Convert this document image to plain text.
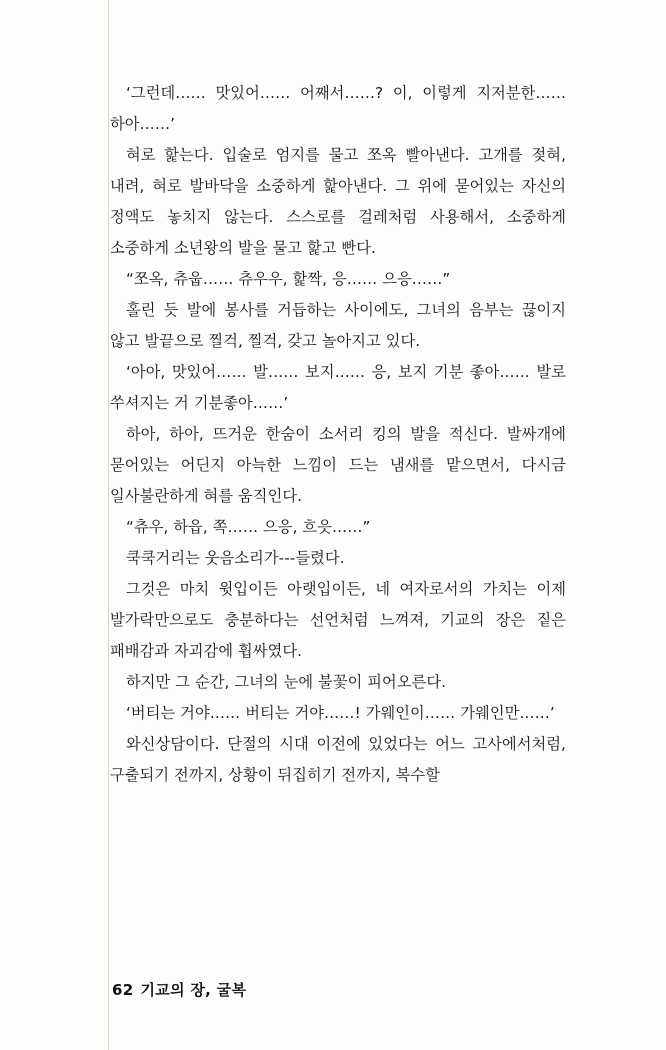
‘그런데…… 맛있어…… 어째서……? 이, 이렇게 지저분한…… 하아……’

혀로 핥는다. 입술로 엄지를 물고 쪼옥 빨아낸다. 고개를 젖혀, 내려, 혀로 발바닥을 소중하게 핥아낸다. 그 위에 묻어있는 자신의 정액도 놓치지 않는다. 스스로를 걸레처럼 사용해서, 소중하게 소중하게 소년왕의 발을 물고 핥고 빤다.

“쪼옥, 츄웁…… 츄우우, 핥짝, 응…… 으응……”

홀린 듯 발에 봉사를 거듭하는 사이에도, 그녀의 음부는 끊이지 않고 발끝으로 찔걱, 찔걱, 갖고 놀아지고 있다.

‘아아, 맛있어…… 발…… 보지…… 응, 보지 기분 좋아…… 발로 쑤셔지는 거 기분좋아……’

하아, 하아, 뜨거운 한숨이 소서리 킹의 발을 적신다. 발싸개에 묻어있는 어딘지 아늑한 느낌이 드는 냄새를 맡으면서, 다시금 일사불란하게 혀를 움직인다.

“츄우, 하읍, 쪽…… 으응, 흐읏……”

쿡쿡거리는 웃음소리가---들렸다.

그것은 마치 윗입이든 아랫입이든, 네 여자로서의 가치는 이제 발가락만으로도 충분하다는 선언처럼 느껴져, 기교의 장은 짙은 패배감과 자괴감에 휩싸였다.

하지만 그 순간, 그녀의 눈에 불꽃이 피어오른다.

‘버티는 거야…… 버티는 거야……! 가웨인이…… 가웨인만……’

와신상담이다. 단절의 시대 이전에 있었다는 어느 고사에서처럼, 구출되기 전까지, 상황이 뒤집히기 전까지, 복수할

62 기교의 장, 굴복
